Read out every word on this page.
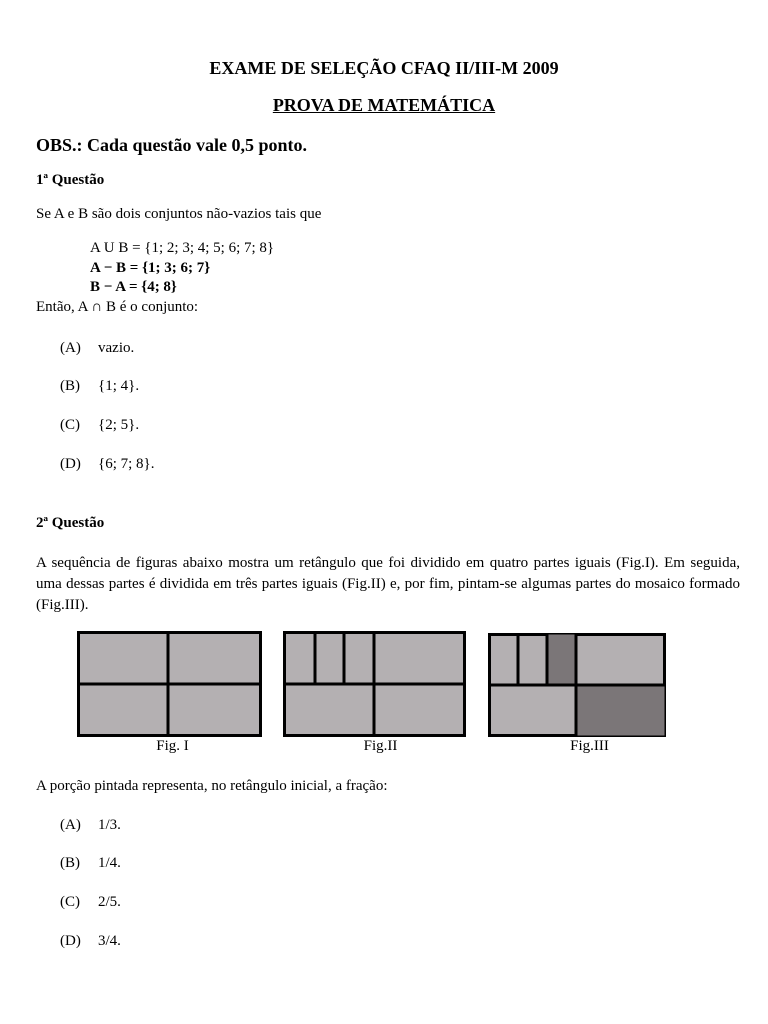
EXAME DE SELEÇÃO CFAQ II/III-M 2009
PROVA DE MATEMÁTICA
OBS.: Cada questão vale 0,5 ponto.
1ª Questão
Se A e B são dois conjuntos não-vazios tais que
A U B = {1; 2; 3; 4; 5; 6; 7; 8}
A − B = {1; 3; 6; 7}
B − A = {4; 8}
Então, A ∩ B é o conjunto:
(A) vazio.
(B) {1; 4}.
(C) {2; 5}.
(D) {6; 7; 8}.
2ª Questão
A sequência de figuras abaixo mostra um retângulo que foi dividido em quatro partes iguais (Fig.I). Em seguida, uma dessas partes é dividida em três partes iguais (Fig.II) e, por fim, pintam-se algumas partes do mosaico formado (Fig.III).
Fig. I	Fig.II	Fig.III
A porção pintada representa, no retângulo inicial, a fração:
(A) 1/3.
(B) 1/4.
(C) 2/5.
(D) 3/4.
